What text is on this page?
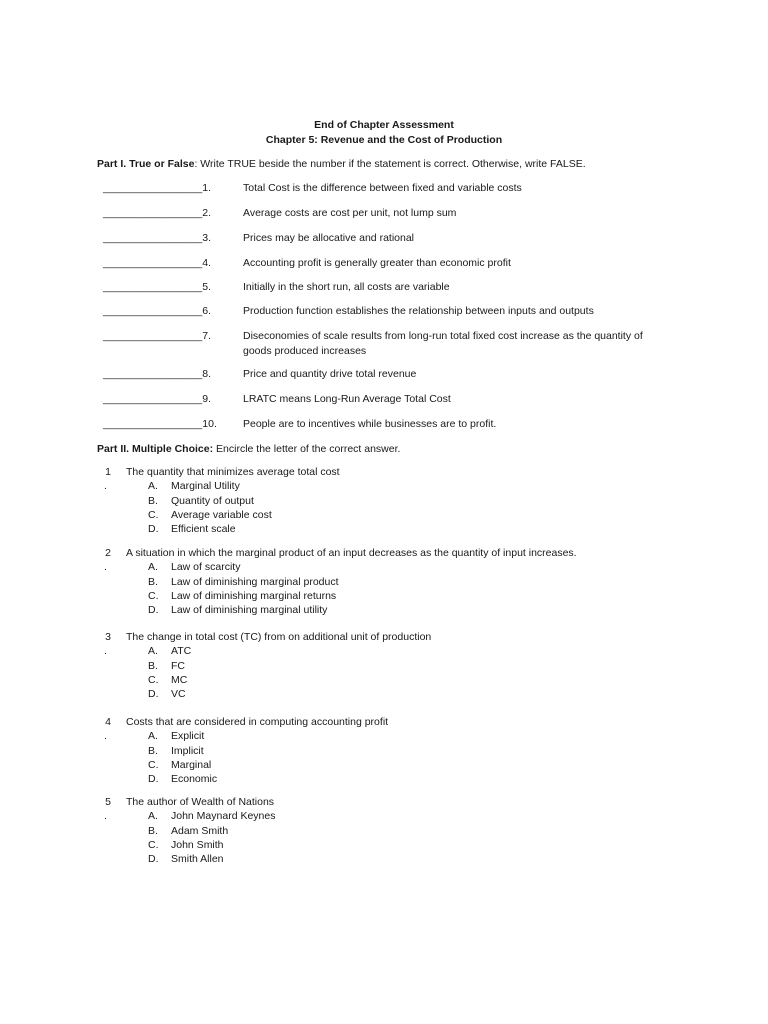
End of Chapter Assessment
Chapter 5: Revenue and the Cost of Production
Part I. True or False: Write TRUE beside the number if the statement is correct. Otherwise, write FALSE.
_________________1.	Total Cost is the difference between fixed and variable costs
_________________2.	Average costs are cost per unit, not lump sum
_________________3.	Prices may be allocative and rational
_________________4.	Accounting profit is generally greater than economic profit
_________________5.	Initially in the short run, all costs are variable
_________________6.	Production function establishes the relationship between inputs and outputs
_________________7.	Diseconomies of scale results from long-run total fixed cost increase as the quantity of goods produced increases
_________________8.	Price and quantity drive total revenue
_________________9.	LRATC means Long-Run Average Total Cost
_________________10. People are to incentives while businesses are to profit.
Part II. Multiple Choice: Encircle the letter of the correct answer.
1
.
The quantity that minimizes average total cost
A. Marginal Utility
B. Quantity of output
C. Average variable cost
D. Efficient scale
2
.
A situation in which the marginal product of an input decreases as the quantity of input increases.
A. Law of scarcity
B. Law of diminishing marginal product
C. Law of diminishing marginal returns
D. Law of diminishing marginal utility
3
.
The change in total cost (TC) from on additional unit of production
A. ATC
B. FC
C. MC
D. VC
4
.
Costs that are considered in computing accounting profit
A. Explicit
B. Implicit
C. Marginal
D. Economic
5
.
The author of Wealth of Nations
A. John Maynard Keynes
B. Adam Smith
C. John Smith
D. Smith Allen
